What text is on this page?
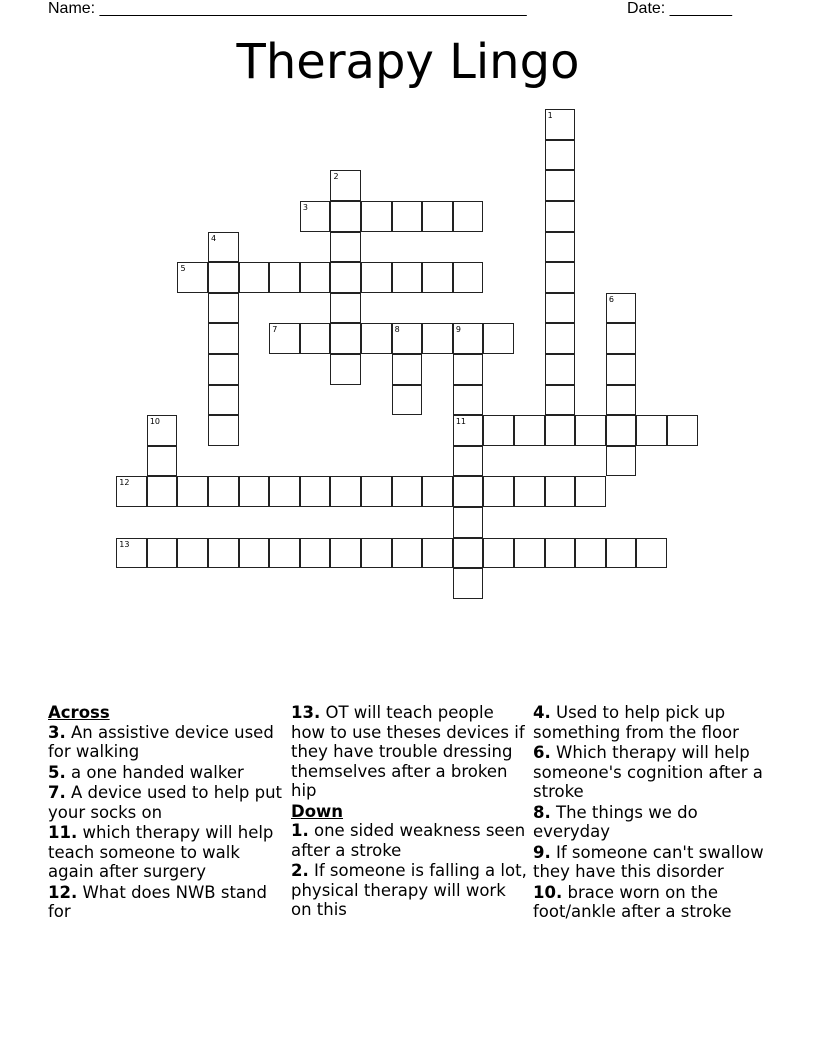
Name: ________________________________________________	Date: _______
Therapy Lingo
1
2
3
4
5
6
7	8	9
11
10
12
13
Across
3. An assistive device used for walking
5. a one handed walker
7. A device used to help put your socks on
11. which therapy will help teach someone to walk again after surgery
12. What does NWB stand for
13. OT will teach people how to use theses devices if they have trouble dressing themselves after a broken hip
Down
1. one sided weakness seen after a stroke
2. If someone is falling a lot, physical therapy will work on this
4. Used to help pick up something from the floor
6. Which therapy will help someone's cognition after a stroke
8. The things we do everyday
9. If someone can't swallow they have this disorder
10. brace worn on the foot/ankle after a stroke
